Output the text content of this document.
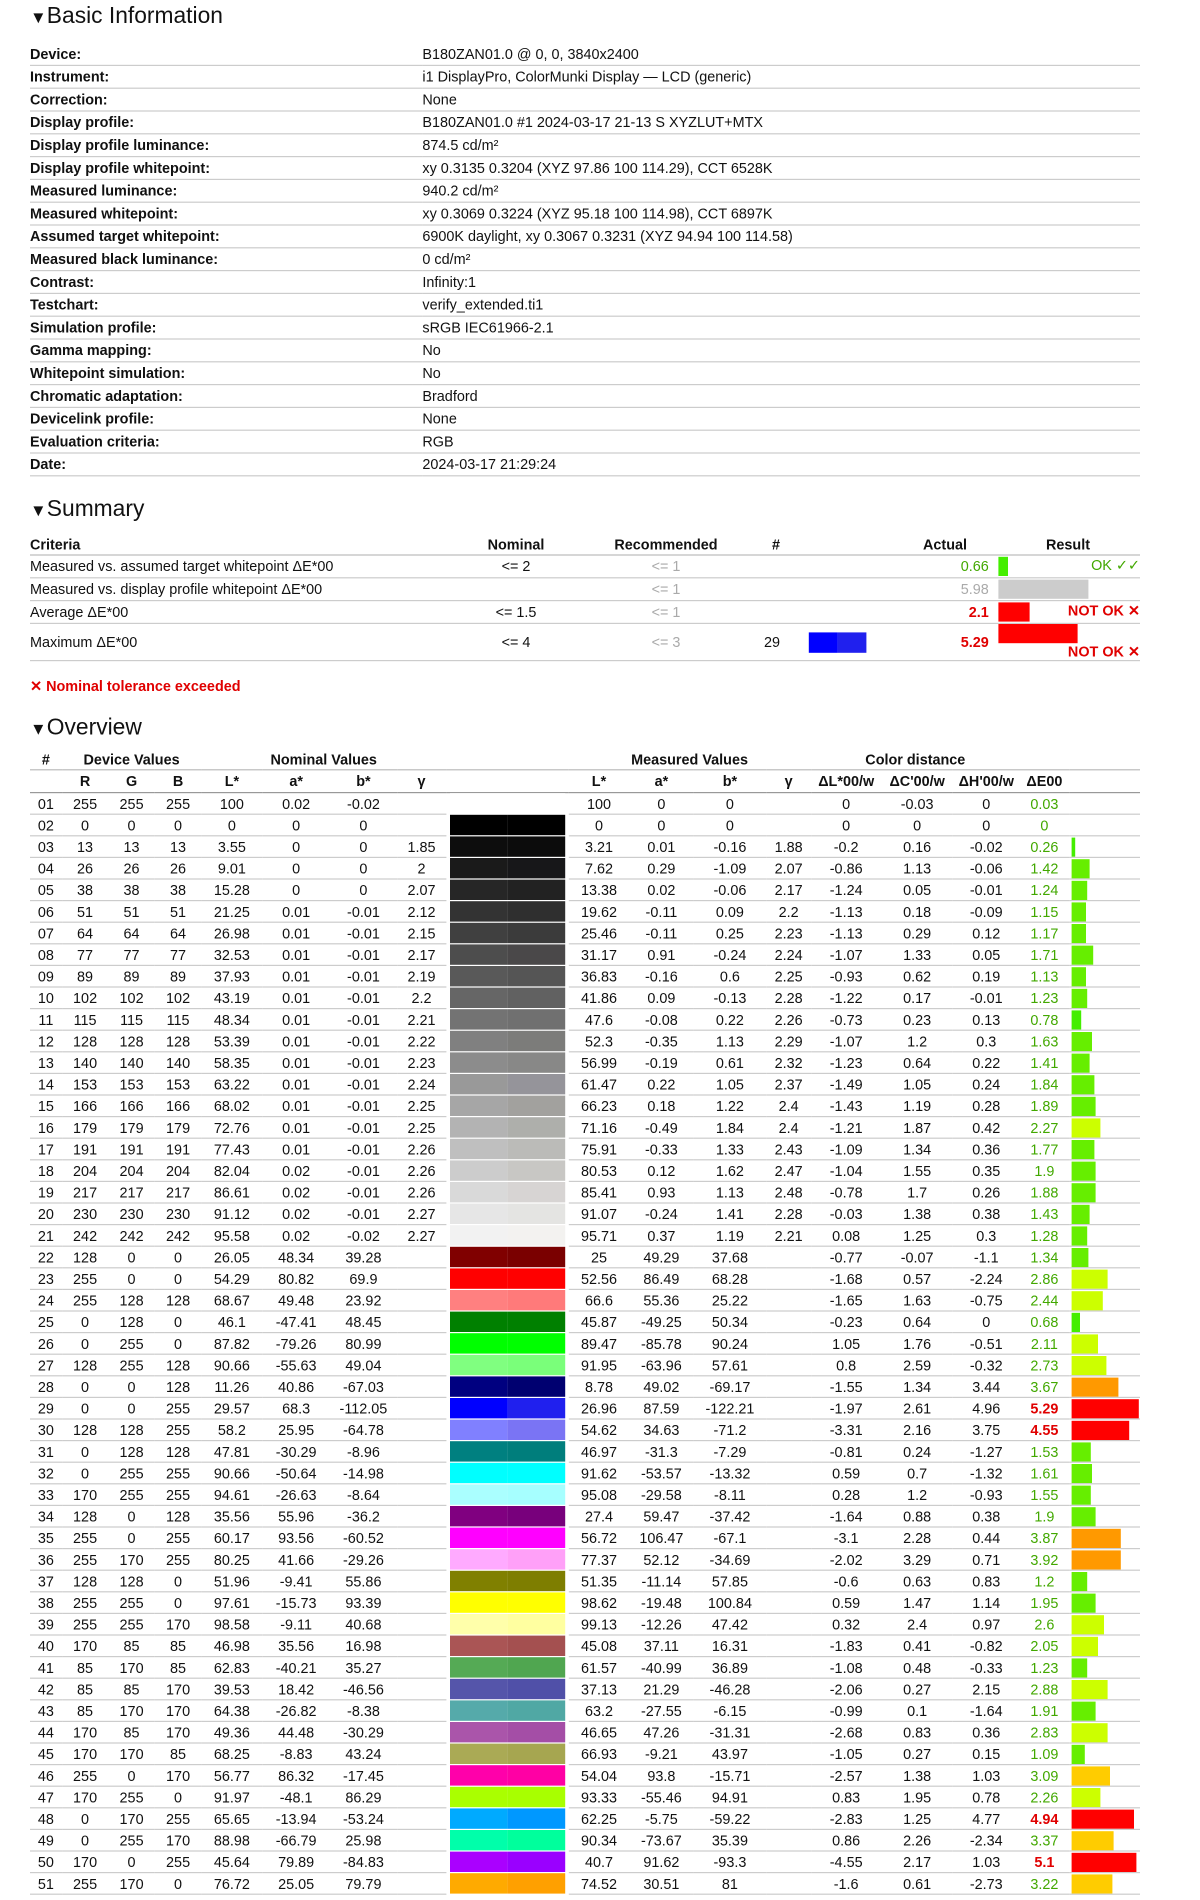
▼Basic Information
Device:	B180ZAN01.0 @ 0, 0, 3840x2400
Instrument:	i1 DisplayPro, ColorMunki Display — LCD (generic)
Correction:	None
Display profile:	B180ZAN01.0 #1 2024-03-17 21-13 S XYZLUT+MTX
Display profile luminance:	874.5 cd/m²
Display profile whitepoint:	xy 0.3135 0.3204 (XYZ 97.86 100 114.29), CCT 6528K
Measured luminance:	940.2 cd/m²
Measured whitepoint:	xy 0.3069 0.3224 (XYZ 95.18 100 114.98), CCT 6897K
Assumed target whitepoint:	6900K daylight, xy 0.3067 0.3231 (XYZ 94.94 100 114.58)
Measured black luminance:	0 cd/m²
Contrast:	Infinity:1
Testchart:	verify_extended.ti1
Simulation profile:	sRGB IEC61966-2.1
Gamma mapping:	No
Whitepoint simulation:	No
Chromatic adaptation:	Bradford
Devicelink profile:	None
Evaluation criteria:	RGB
Date:	2024-03-17 21:29:24
▼Summary
Criteria	Nominal	Recommended	#		Actual	Result
Measured vs. assumed target whitepoint ΔE*00	<= 2	<= 1			0.66	OK ✓✓

Measured vs. display profile whitepoint ΔE*00		<= 1			5.98	

Average ΔE*00	<= 1.5	<= 1			2.1	NOT OK ✕

Maximum ΔE*00	<= 4	<= 3	29		5.29	NOT OK ✕
✕ Nominal tolerance exceeded
▼Overview
#	Device Values			Nominal Values					Measured Values				Color distance				
	R	G	B	L*	a*	b*	γ		L*	a*	b*	γ	ΔL*00/w	ΔC'00/w	ΔH'00/w	ΔE00	
01	255	255	255	100	0.02	-0.02			100	0	0		0	-0.03	0	0.03	

02	0	0	0	0	0	0			0	0	0		0	0	0	0	
03	13	13	13	3.55	0	0	1.85		3.21	0.01	-0.16	1.88	-0.2	0.16	-0.02	0.26	

04	26	26	26	9.01	0	0	2		7.62	0.29	-1.09	2.07	-0.86	1.13	-0.06	1.42	

05	38	38	38	15.28	0	0	2.07		13.38	0.02	-0.06	2.17	-1.24	0.05	-0.01	1.24	

06	51	51	51	21.25	0.01	-0.01	2.12		19.62	-0.11	0.09	2.2	-1.13	0.18	-0.09	1.15	

07	64	64	64	26.98	0.01	-0.01	2.15		25.46	-0.11	0.25	2.23	-1.13	0.29	0.12	1.17	

08	77	77	77	32.53	0.01	-0.01	2.17		31.17	0.91	-0.24	2.24	-1.07	1.33	0.05	1.71	

09	89	89	89	37.93	0.01	-0.01	2.19		36.83	-0.16	0.6	2.25	-0.93	0.62	0.19	1.13	

10	102	102	102	43.19	0.01	-0.01	2.2		41.86	0.09	-0.13	2.28	-1.22	0.17	-0.01	1.23	

11	115	115	115	48.34	0.01	-0.01	2.21		47.6	-0.08	0.22	2.26	-0.73	0.23	0.13	0.78	

12	128	128	128	53.39	0.01	-0.01	2.22		52.3	-0.35	1.13	2.29	-1.07	1.2	0.3	1.63	

13	140	140	140	58.35	0.01	-0.01	2.23		56.99	-0.19	0.61	2.32	-1.23	0.64	0.22	1.41	

14	153	153	153	63.22	0.01	-0.01	2.24		61.47	0.22	1.05	2.37	-1.49	1.05	0.24	1.84	

15	166	166	166	68.02	0.01	-0.01	2.25		66.23	0.18	1.22	2.4	-1.43	1.19	0.28	1.89	

16	179	179	179	72.76	0.01	-0.01	2.25		71.16	-0.49	1.84	2.4	-1.21	1.87	0.42	2.27	

17	191	191	191	77.43	0.01	-0.01	2.26		75.91	-0.33	1.33	2.43	-1.09	1.34	0.36	1.77	

18	204	204	204	82.04	0.02	-0.01	2.26		80.53	0.12	1.62	2.47	-1.04	1.55	0.35	1.9	

19	217	217	217	86.61	0.02	-0.01	2.26		85.41	0.93	1.13	2.48	-0.78	1.7	0.26	1.88	

20	230	230	230	91.12	0.02	-0.01	2.27		91.07	-0.24	1.41	2.28	-0.03	1.38	0.38	1.43	

21	242	242	242	95.58	0.02	-0.02	2.27		95.71	0.37	1.19	2.21	0.08	1.25	0.3	1.28	

22	128	0	0	26.05	48.34	39.28			25	49.29	37.68		-0.77	-0.07	-1.1	1.34	

23	255	0	0	54.29	80.82	69.9			52.56	86.49	68.28		-1.68	0.57	-2.24	2.86	

24	255	128	128	68.67	49.48	23.92			66.6	55.36	25.22		-1.65	1.63	-0.75	2.44	

25	0	128	0	46.1	-47.41	48.45			45.87	-49.25	50.34		-0.23	0.64	0	0.68	

26	0	255	0	87.82	-79.26	80.99			89.47	-85.78	90.24		1.05	1.76	-0.51	2.11	

27	128	255	128	90.66	-55.63	49.04			91.95	-63.96	57.61		0.8	2.59	-0.32	2.73	

28	0	0	128	11.26	40.86	-67.03			8.78	49.02	-69.17		-1.55	1.34	3.44	3.67	

29	0	0	255	29.57	68.3	-112.05			26.96	87.59	-122.21		-1.97	2.61	4.96	5.29	

30	128	128	255	58.2	25.95	-64.78			54.62	34.63	-71.2		-3.31	2.16	3.75	4.55	

31	0	128	128	47.81	-30.29	-8.96			46.97	-31.3	-7.29		-0.81	0.24	-1.27	1.53	

32	0	255	255	90.66	-50.64	-14.98			91.62	-53.57	-13.32		0.59	0.7	-1.32	1.61	

33	170	255	255	94.61	-26.63	-8.64			95.08	-29.58	-8.11		0.28	1.2	-0.93	1.55	

34	128	0	128	35.56	55.96	-36.2			27.4	59.47	-37.42		-1.64	0.88	0.38	1.9	

35	255	0	255	60.17	93.56	-60.52			56.72	106.47	-67.1		-3.1	2.28	0.44	3.87	

36	255	170	255	80.25	41.66	-29.26			77.37	52.12	-34.69		-2.02	3.29	0.71	3.92	

37	128	128	0	51.96	-9.41	55.86			51.35	-11.14	57.85		-0.6	0.63	0.83	1.2	

38	255	255	0	97.61	-15.73	93.39			98.62	-19.48	100.84		0.59	1.47	1.14	1.95	

39	255	255	170	98.58	-9.11	40.68			99.13	-12.26	47.42		0.32	2.4	0.97	2.6	

40	170	85	85	46.98	35.56	16.98			45.08	37.11	16.31		-1.83	0.41	-0.82	2.05	

41	85	170	85	62.83	-40.21	35.27			61.57	-40.99	36.89		-1.08	0.48	-0.33	1.23	

42	85	85	170	39.53	18.42	-46.56			37.13	21.29	-46.28		-2.06	0.27	2.15	2.88	

43	85	170	170	64.38	-26.82	-8.38			63.2	-27.55	-6.15		-0.99	0.1	-1.64	1.91	

44	170	85	170	49.36	44.48	-30.29			46.65	47.26	-31.31		-2.68	0.83	0.36	2.83	

45	170	170	85	68.25	-8.83	43.24			66.93	-9.21	43.97		-1.05	0.27	0.15	1.09	

46	255	0	170	56.77	86.32	-17.45			54.04	93.8	-15.71		-2.57	1.38	1.03	3.09	

47	170	255	0	91.97	-48.1	86.29			93.33	-55.46	94.91		0.83	1.95	0.78	2.26	

48	0	170	255	65.65	-13.94	-53.24			62.25	-5.75	-59.22		-2.83	1.25	4.77	4.94	

49	0	255	170	88.98	-66.79	25.98			90.34	-73.67	35.39		0.86	2.26	-2.34	3.37	

50	170	0	255	45.64	79.89	-84.83			40.7	91.62	-93.3		-4.55	2.17	1.03	5.1	

51	255	170	0	76.72	25.05	79.79			74.52	30.51	81		-1.6	0.61	-2.73	3.22	
